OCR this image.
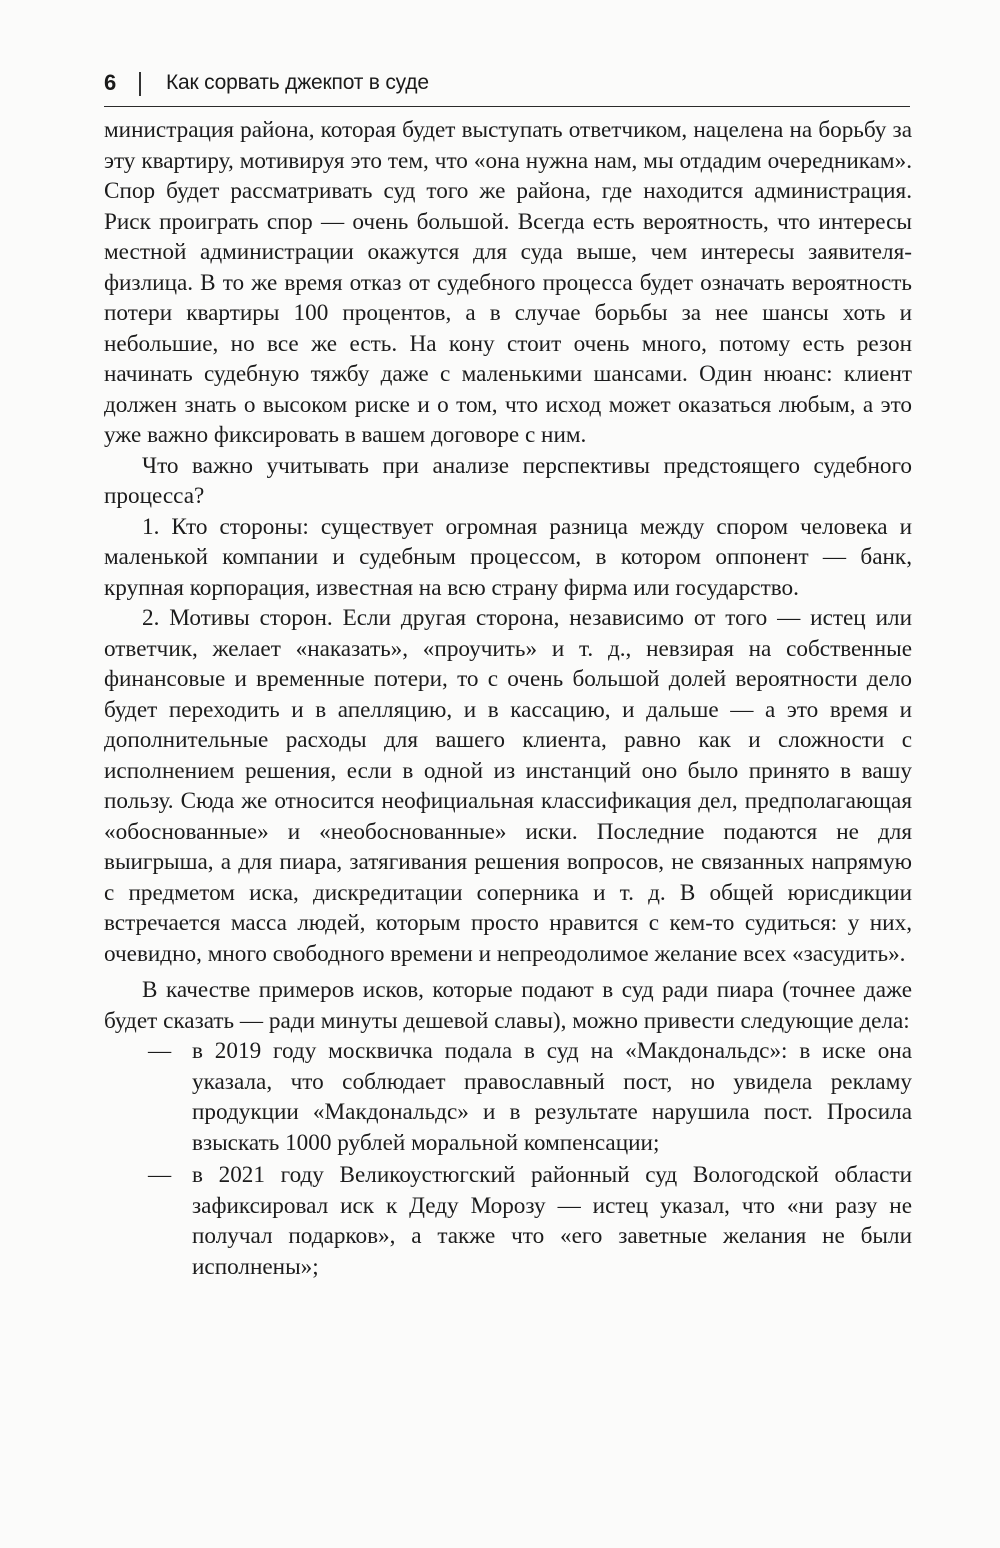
6 Как сорвать джекпот в суде

министрация района, которая будет выступать ответчиком, нацелена на борьбу за эту квартиру, мотивируя это тем, что «она нужна нам, мы отдадим очередникам». Спор будет рассматривать суд того же района, где находится администрация. Риск проиграть спор — очень большой. Всегда есть вероятность, что интересы местной администрации окажутся для суда выше, чем интересы заявителя-физлица. В то же время отказ от судебного процесса будет означать вероятность потери квартиры 100 процентов, а в случае борьбы за нее шансы хоть и небольшие, но все же есть. На кону стоит очень много, потому есть резон начинать судебную тяжбу даже с маленькими шансами. Один нюанс: клиент должен знать о высоком риске и о том, что исход может оказаться любым, а это уже важно фиксировать в вашем договоре с ним.

Что важно учитывать при анализе перспективы предстоящего судебного процесса?

1. Кто стороны: существует огромная разница между спором человека и маленькой компании и судебным процессом, в котором оппонент — банк, крупная корпорация, известная на всю страну фирма или государство.

2. Мотивы сторон. Если другая сторона, независимо от того — истец или ответчик, желает «наказать», «проучить» и т. д., невзирая на собственные финансовые и временные потери, то с очень большой долей вероятности дело будет переходить и в апелляцию, и в кассацию, и дальше — а это время и дополнительные расходы для вашего клиента, равно как и сложности с исполнением решения, если в одной из инстанций оно было принято в вашу пользу. Сюда же относится неофициальная классификация дел, предполагающая «обоснованные» и «необоснованные» иски. Последние подаются не для выигрыша, а для пиара, затягивания решения вопросов, не связанных напрямую с предметом иска, дискредитации соперника и т. д. В общей юрисдикции встречается масса людей, которым просто нравится с кем-то судиться: у них, очевидно, много свободного времени и непреодолимое желание всех «засудить».

В качестве примеров исков, которые подают в суд ради пиара (точнее даже будет сказать — ради минуты дешевой славы), можно привести следующие дела:

— в 2019 году москвичка подала в суд на «Макдональдс»: в иске она указала, что соблюдает православный пост, но увидела рекламу продукции «Макдональдс» и в результате нарушила пост. Просила взыскать 1000 рублей моральной компенсации;
— в 2021 году Великоустюгский районный суд Вологодской области зафиксировал иск к Деду Морозу — истец указал, что «ни разу не получал подарков», а также что «его заветные желания не были исполнены»;
